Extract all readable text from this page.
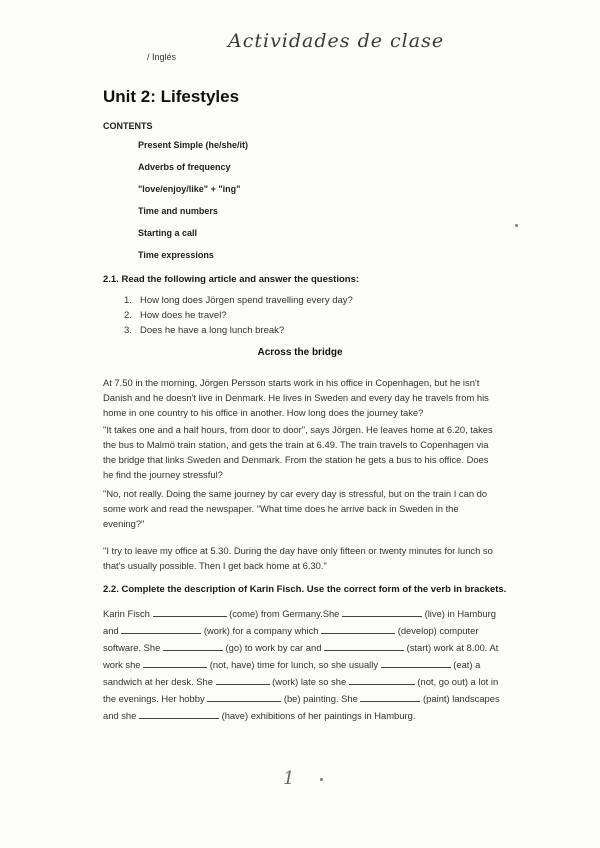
Actividades de clase
/ Inglés
Unit 2: Lifestyles
CONTENTS
Present Simple (he/she/it)
Adverbs of frequency
"love/enjoy/like" + "ing"
Time and numbers
Starting a call
Time expressions
2.1. Read the following article and answer the questions:
1. How long does Jörgen spend travelling every day?
2. How does he travel?
3. Does he have a long lunch break?
Across the bridge

At 7.50 in the morning, Jörgen Persson starts work in his office in Copenhagen, but he isn't Danish and he doesn't live in Denmark. He lives in Sweden and every day he travels from his home in one country to his office in another. How long does the journey take?

"It takes one and a half hours, from door to door", says Jörgen. He leaves home at 6.20, takes the bus to Malmö train station, and gets the train at 6.49. The train travels to Copenhagen via the bridge that links Sweden and Denmark. From the station he gets a bus to his office. Does he find the journey stressful?

"No, not really. Doing the same journey by car every day is stressful, but on the train I can do some work and read the newspaper. "What time does he arrive back in Sweden in the evening?"

"I try to leave my office at 5.30. During the day have only fifteen or twenty minutes for lunch so that's usually possible. Then I get back home at 6.30."

2.2. Complete the description of Karin Fisch. Use the correct form of the verb in brackets.

Karin Fisch	(come) from Germany.She	(live) in Hamburg and	(work) for a company which	(develop) computer software. She	(go) to work by car and	(start) work at 8.00. At work she	(not, have) time for lunch, so she usually	(eat) a sandwich at her desk. She	(work) late so she	(not, go out) a lot in the evenings. Her hobby	(be) painting. She	(paint) landscapes and she	(have) exhibitions of her paintings in Hamburg.

1
